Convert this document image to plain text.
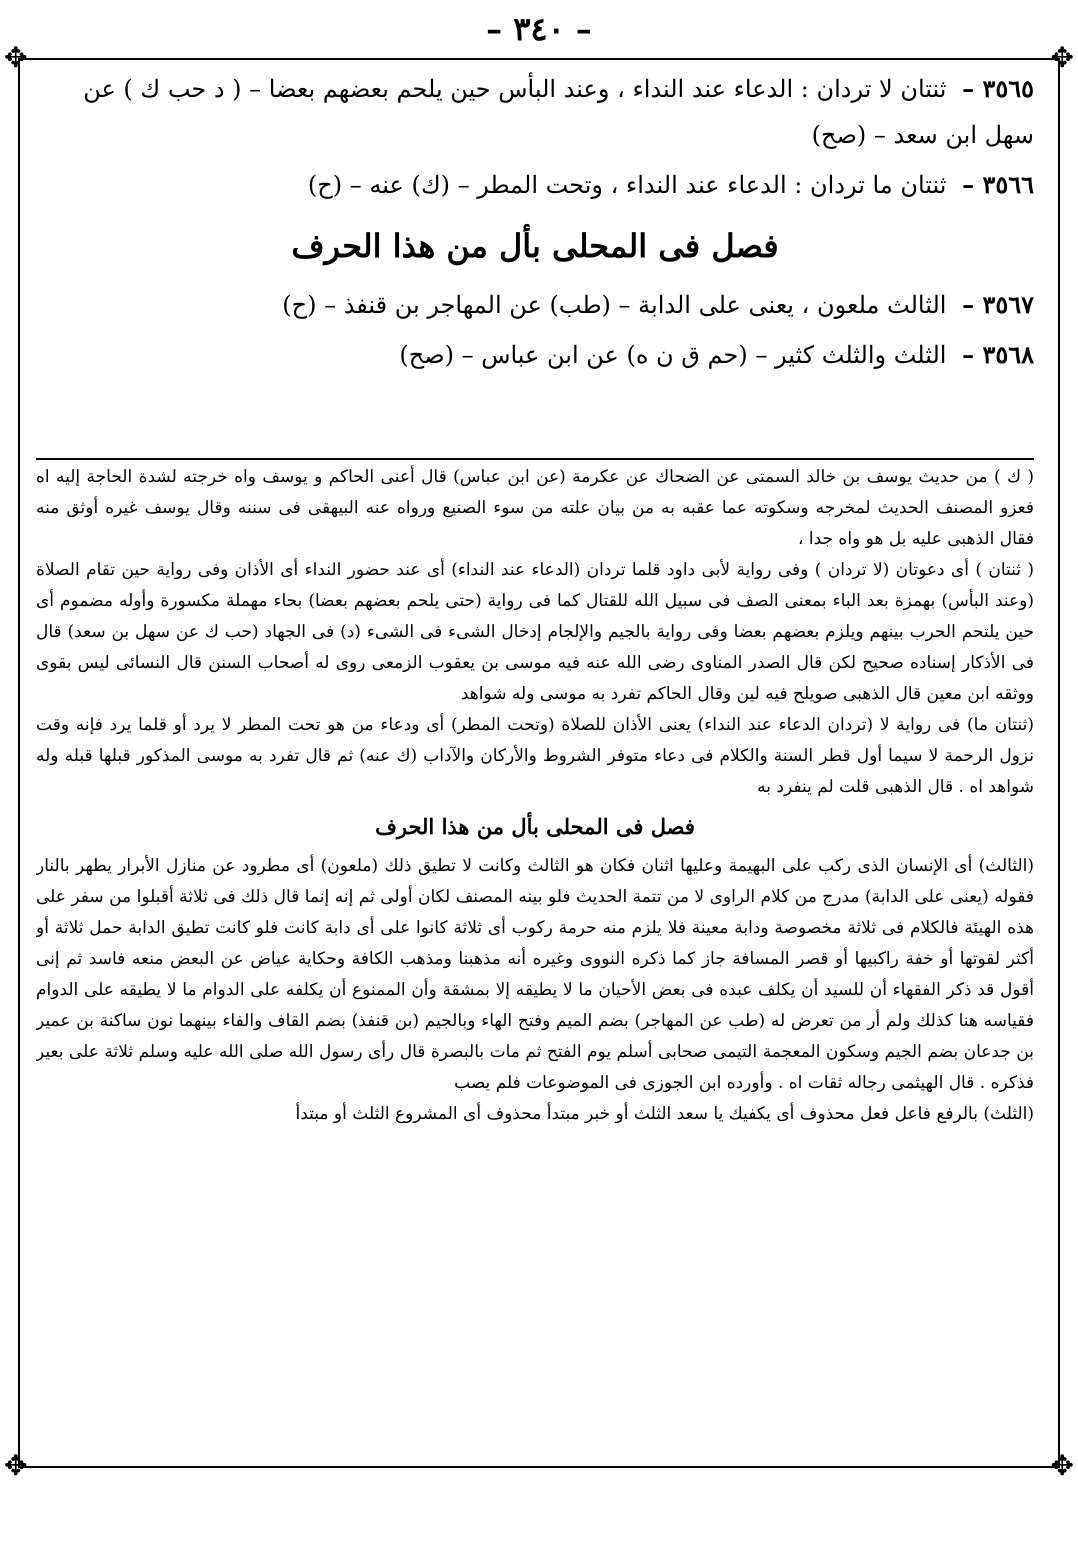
✥	✥
✥	✥
– ٣٤٠ –

٣٥٦٥ – ثنتان لا تردان : الدعاء عند النداء ، وعند البأس حين يلحم بعضهم بعضا – ( د حب ك ) عن سهل ابن سعد – (صح)

٣٥٦٦ – ثنتان ما تردان : الدعاء عند النداء ، وتحت المطر – (ك) عنه – (ح)

فصل فى المحلى بأل من هذا الحرف

٣٥٦٧ – الثالث ملعون ، يعنى على الدابة – (طب) عن المهاجر بن قنفذ – (ح)

٣٥٦٨ – الثلث والثلث كثير – (حم ق ن ه) عن ابن عباس – (صح)

( ك ) من حديث يوسف بن خالد السمتى عن الضحاك عن عكرمة (عن ابن عباس) قال أعنى الحاكم و يوسف واه خرجته لشدة الحاجة إليه اه فعزو المصنف الحديث لمخرجه وسكوته عما عقبه به من بيان علته من سوء الصنيع ورواه عنه البيهقى فى سننه وقال يوسف غيره أوثق منه فقال الذهبى عليه بل هو واه جدا ،

( ثنتان ) أى دعوتان (لا تردان ) وفى رواية لأبى داود قلما تردان (الدعاء عند النداء) أى عند حضور النداء أى الأذان وفى رواية حين تقام الصلاة (وعند البأس) بهمزة بعد الباء بمعنى الصف فى سبيل الله للقتال كما فى رواية (حتى يلحم بعضهم بعضا) بحاء مهملة مكسورة وأوله مضموم أى حين يلتحم الحرب بينهم ويلزم بعضهم بعضا وفى رواية بالجيم والإلجام إدخال الشىء فى الشىء (د) فى الجهاد (حب ك عن سهل بن سعد) قال فى الأذكار إسناده صحيح لكن قال الصدر المناوى رضى الله عنه فيه موسى بن يعقوب الزمعى روى له أصحاب السنن قال النسائى ليس بقوى ووثقه ابن معين قال الذهبى صويلح فيه لين وقال الحاكم تفرد به موسى وله شواهد

(ثنتان ما) فى رواية لا (تردان الدعاء عند النداء) يعنى الأذان للصلاة (وتحت المطر) أى ودعاء من هو تحت المطر لا يرد أو قلما يرد فإنه وقت نزول الرحمة لا سيما أول قطر السنة والكلام فى دعاء متوفر الشروط والأركان والآداب (ك عنه) ثم قال تفرد به موسى المذكور قبلها قبله وله شواهد اه . قال الذهبى قلت لم ينفرد به

فصل فى المحلى بأل من هذا الحرف

(الثالث) أى الإنسان الذى ركب على البهيمة وعليها اثنان فكان هو الثالث وكانت لا تطيق ذلك (ملعون) أى مطرود عن منازل الأبرار يطهر بالنار فقوله (يعنى على الدابة) مدرج من كلام الراوى لا من تتمة الحديث فلو بينه المصنف لكان أولى ثم إنه إنما قال ذلك فى ثلاثة أقبلوا من سفر على هذه الهيئة فالكلام فى ثلاثة مخصوصة ودابة معينة فلا يلزم منه حرمة ركوب أى ثلاثة كانوا على أى دابة كانت فلو كانت تطيق الدابة حمل ثلاثة أو أكثر لقوتها أو خفة راكبيها أو قصر المسافة جاز كما ذكره النووى وغيره أنه مذهبنا ومذهب الكافة وحكاية عياض عن البعض منعه فاسد ثم إنى أقول قد ذكر الفقهاء أن للسيد أن يكلف عبده فى بعض الأحيان ما لا يطيقه إلا بمشقة وأن الممنوع أن يكلفه على الدوام ما لا يطيقه على الدوام فقياسه هنا كذلك ولم أر من تعرض له (طب عن المهاجر) بضم الميم وفتح الهاء وبالجيم (بن قنفذ) بضم القاف والفاء بينهما نون ساكنة بن عمير بن جدعان بضم الجيم وسكون المعجمة التيمى صحابى أسلم يوم الفتح ثم مات بالبصرة قال رأى رسول الله صلى الله عليه وسلم ثلاثة على بعير فذكره . قال الهيثمى رجاله ثقات اه . وأورده ابن الجوزى فى الموضوعات فلم يصب

(الثلث) بالرفع فاعل فعل محذوف أى يكفيك يا سعد الثلث أو خبر مبتدأ محذوف أى المشروع الثلث أو مبتدأ
